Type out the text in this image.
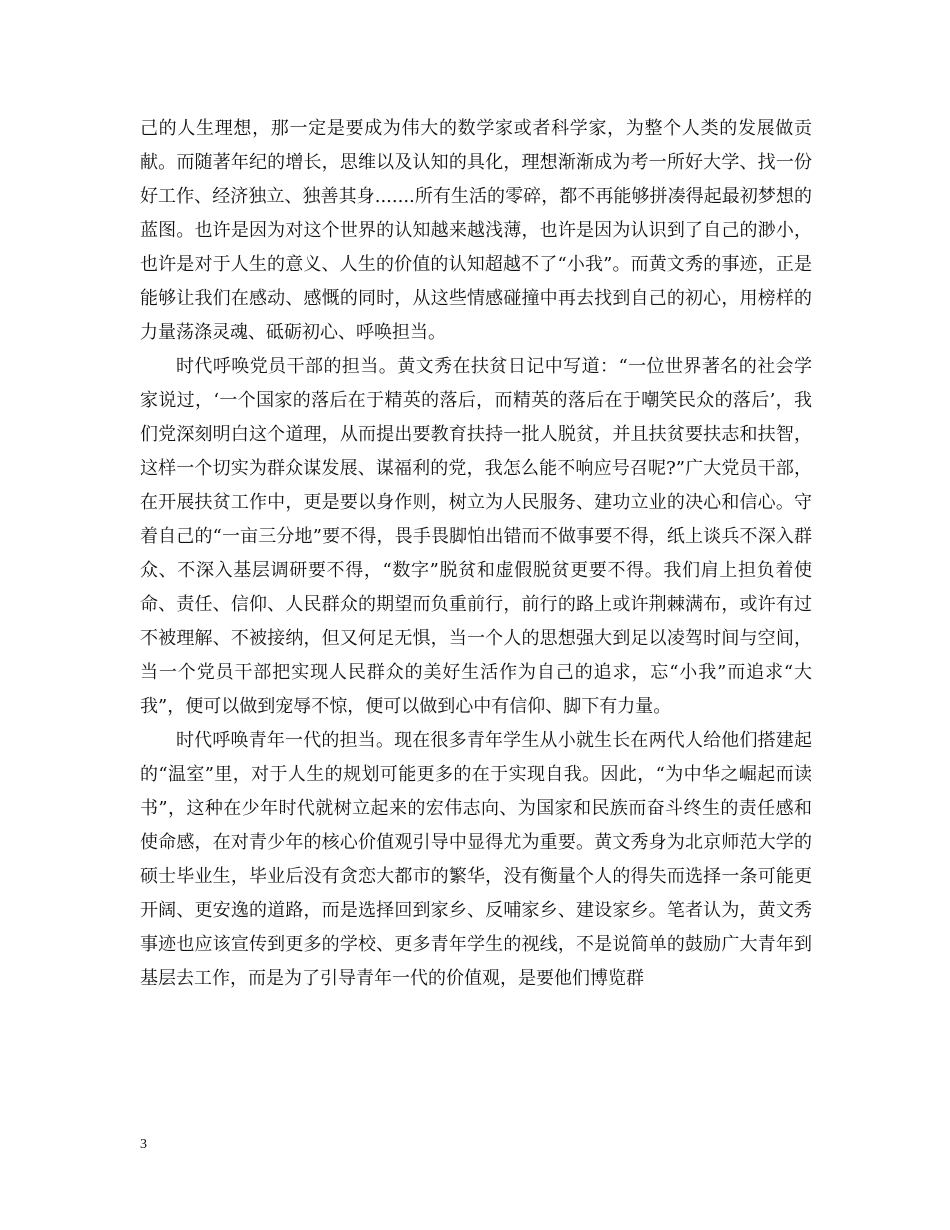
己的人生理想，那一定是要成为伟大的数学家或者科学家，为整个人类的发展做贡献。而随著年纪的增长，思维以及认知的具化，理想渐渐成为考一所好大学、找一份好工作、经济独立、独善其身.......所有生活的零碎，都不再能够拼凑得起最初梦想的蓝图。也许是因为对这个世界的认知越来越浅薄，也许是因为认识到了自己的渺小，也许是对于人生的意义、人生的价值的认知超越不了“小我”。而黄文秀的事迹，正是能够让我们在感动、感慨的同时，从这些情感碰撞中再去找到自己的初心，用榜样的力量荡涤灵魂、砥砺初心、呼唤担当。

时代呼唤党员干部的担当。黄文秀在扶贫日记中写道：“一位世界著名的社会学家说过，‘一个国家的落后在于精英的落后，而精英的落后在于嘲笑民众的落后’，我们党深刻明白这个道理，从而提出要教育扶持一批人脱贫，并且扶贫要扶志和扶智，这样一个切实为群众谋发展、谋福利的党，我怎么能不响应号召呢?”广大党员干部，在开展扶贫工作中，更是要以身作则，树立为人民服务、建功立业的决心和信心。守着自己的“一亩三分地”要不得，畏手畏脚怕出错而不做事要不得，纸上谈兵不深入群众、不深入基层调研要不得，“数字”脱贫和虚假脱贫更要不得。我们肩上担负着使命、责任、信仰、人民群众的期望而负重前行，前行的路上或许荆棘满布，或许有过不被理解、不被接纳，但又何足无惧，当一个人的思想强大到足以凌驾时间与空间，当一个党员干部把实现人民群众的美好生活作为自己的追求，忘“小我”而追求“大我”，便可以做到宠辱不惊，便可以做到心中有信仰、脚下有力量。

时代呼唤青年一代的担当。现在很多青年学生从小就生长在两代人给他们搭建起的“温室”里，对于人生的规划可能更多的在于实现自我。因此，“为中华之崛起而读书”，这种在少年时代就树立起来的宏伟志向、为国家和民族而奋斗终生的责任感和使命感，在对青少年的核心价值观引导中显得尤为重要。黄文秀身为北京师范大学的硕士毕业生，毕业后没有贪恋大都市的繁华，没有衡量个人的得失而选择一条可能更开阔、更安逸的道路，而是选择回到家乡、反哺家乡、建设家乡。笔者认为，黄文秀事迹也应该宣传到更多的学校、更多青年学生的视线，不是说简单的鼓励广大青年到基层去工作，而是为了引导青年一代的价值观，是要他们博览群

3
